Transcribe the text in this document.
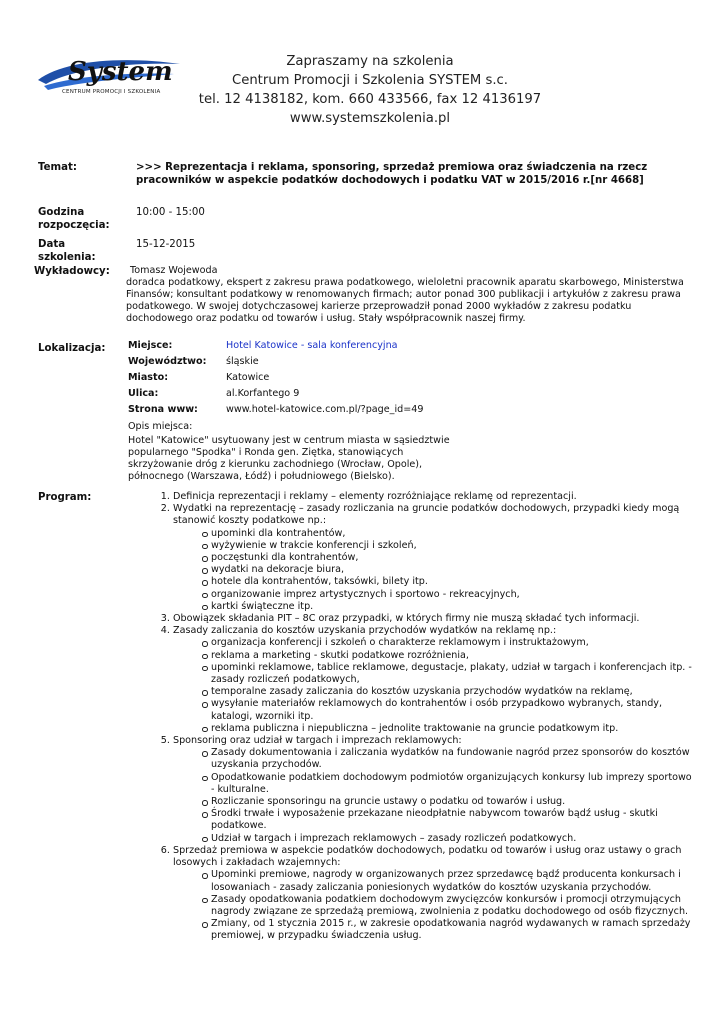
System
CENTRUM PROMOCJI I SZKOLENIA
Zapraszamy na szkolenia
Centrum Promocji i Szkolenia SYSTEM s.c.
tel. 12 4138182, kom. 660 433566, fax 12 4136197
www.systemszkolenia.pl
Temat:	>>> Reprezentacja i reklama, sponsoring, sprzedaż premiowa oraz świadczenia na rzecz pracowników w aspekcie podatków dochodowych i podatku VAT w 2015/2016 r.[nr 4668]
Godzina
rozpoczęcia:
10:00 - 15:00
Data
szkolenia:
15-12-2015
Wykładowcy:	Tomasz Wojewoda
doradca podatkowy, ekspert z zakresu prawa podatkowego, wieloletni pracownik aparatu skarbowego, Ministerstwa Finansów; konsultant podatkowy w renomowanych firmach; autor ponad 300 publikacji i artykułów z zakresu prawa podatkowego. W swojej dotychczasowej karierze przeprowadził ponad 2000 wykładów z zakresu podatku dochodowego oraz podatku od towarów i usług. Stały współpracownik naszej firmy.
Lokalizacja: Miejsce:	Hotel Katowice - sala konferencyjna
Województwo: śląskie
Miasto:	Katowice
Ulica:	al.Korfantego 9
Strona www:	www.hotel-katowice.com.pl/?page_id=49
Opis miejsca:
Hotel "Katowice" usytuowany jest w centrum miasta w sąsiedztwie popularnego "Spodka" i Ronda gen. Ziętka, stanowiących skrzyżowanie dróg z kierunku zachodniego (Wrocław, Opole), północnego (Warszawa, Łódź) i południowego (Bielsko).
Program:	1. Definicja reprezentacji i reklamy – elementy rozróżniające reklamę od reprezentacji.
2. Wydatki na reprezentację – zasady rozliczania na gruncie podatków dochodowych, przypadki kiedy mogą stanowić koszty podatkowe np.:
upominki dla kontrahentów,
wyżywienie w trakcie konferencji i szkoleń,
poczęstunki dla kontrahentów,
wydatki na dekoracje biura,
hotele dla kontrahentów, taksówki, bilety itp.
organizowanie imprez artystycznych i sportowo - rekreacyjnych,
kartki świąteczne itp.
3. Obowiązek składania PIT – 8C oraz przypadki, w których firmy nie muszą składać tych informacji.
4. Zasady zaliczania do kosztów uzyskania przychodów wydatków na reklamę np.:
organizacja konferencji i szkoleń o charakterze reklamowym i instruktażowym,
reklama a marketing - skutki podatkowe rozróżnienia,
upominki reklamowe, tablice reklamowe, degustacje, plakaty, udział w targach i konferencjach itp. - zasady rozliczeń podatkowych,
temporalne zasady zaliczania do kosztów uzyskania przychodów wydatków na reklamę,
wysyłanie materiałów reklamowych do kontrahentów i osób przypadkowo wybranych, standy, katalogi, wzorniki itp.
reklama publiczna i niepubliczna – jednolite traktowanie na gruncie podatkowym itp.
5. Sponsoring oraz udział w targach i imprezach reklamowych:
Zasady dokumentowania i zaliczania wydatków na fundowanie nagród przez sponsorów do kosztów uzyskania przychodów.
Opodatkowanie podatkiem dochodowym podmiotów organizujących konkursy lub imprezy sportowo - kulturalne.
Rozliczanie sponsoringu na gruncie ustawy o podatku od towarów i usług.
Środki trwałe i wyposażenie przekazane nieodpłatnie nabywcom towarów bądź usług - skutki podatkowe.
Udział w targach i imprezach reklamowych – zasady rozliczeń podatkowych.
6. Sprzedaż premiowa w aspekcie podatków dochodowych, podatku od towarów i usług oraz ustawy o grach losowych i zakładach wzajemnych:
Upominki premiowe, nagrody w organizowanych przez sprzedawcę bądź producenta konkursach i losowaniach - zasady zaliczania poniesionych wydatków do kosztów uzyskania przychodów.
Zasady opodatkowania podatkiem dochodowym zwycięzców konkursów i promocji otrzymujących nagrody związane ze sprzedażą premiową, zwolnienia z podatku dochodowego od osób fizycznych.
Zmiany, od 1 stycznia 2015 r., w zakresie opodatkowania nagród wydawanych w ramach sprzedaży premiowej, w przypadku świadczenia usług.
